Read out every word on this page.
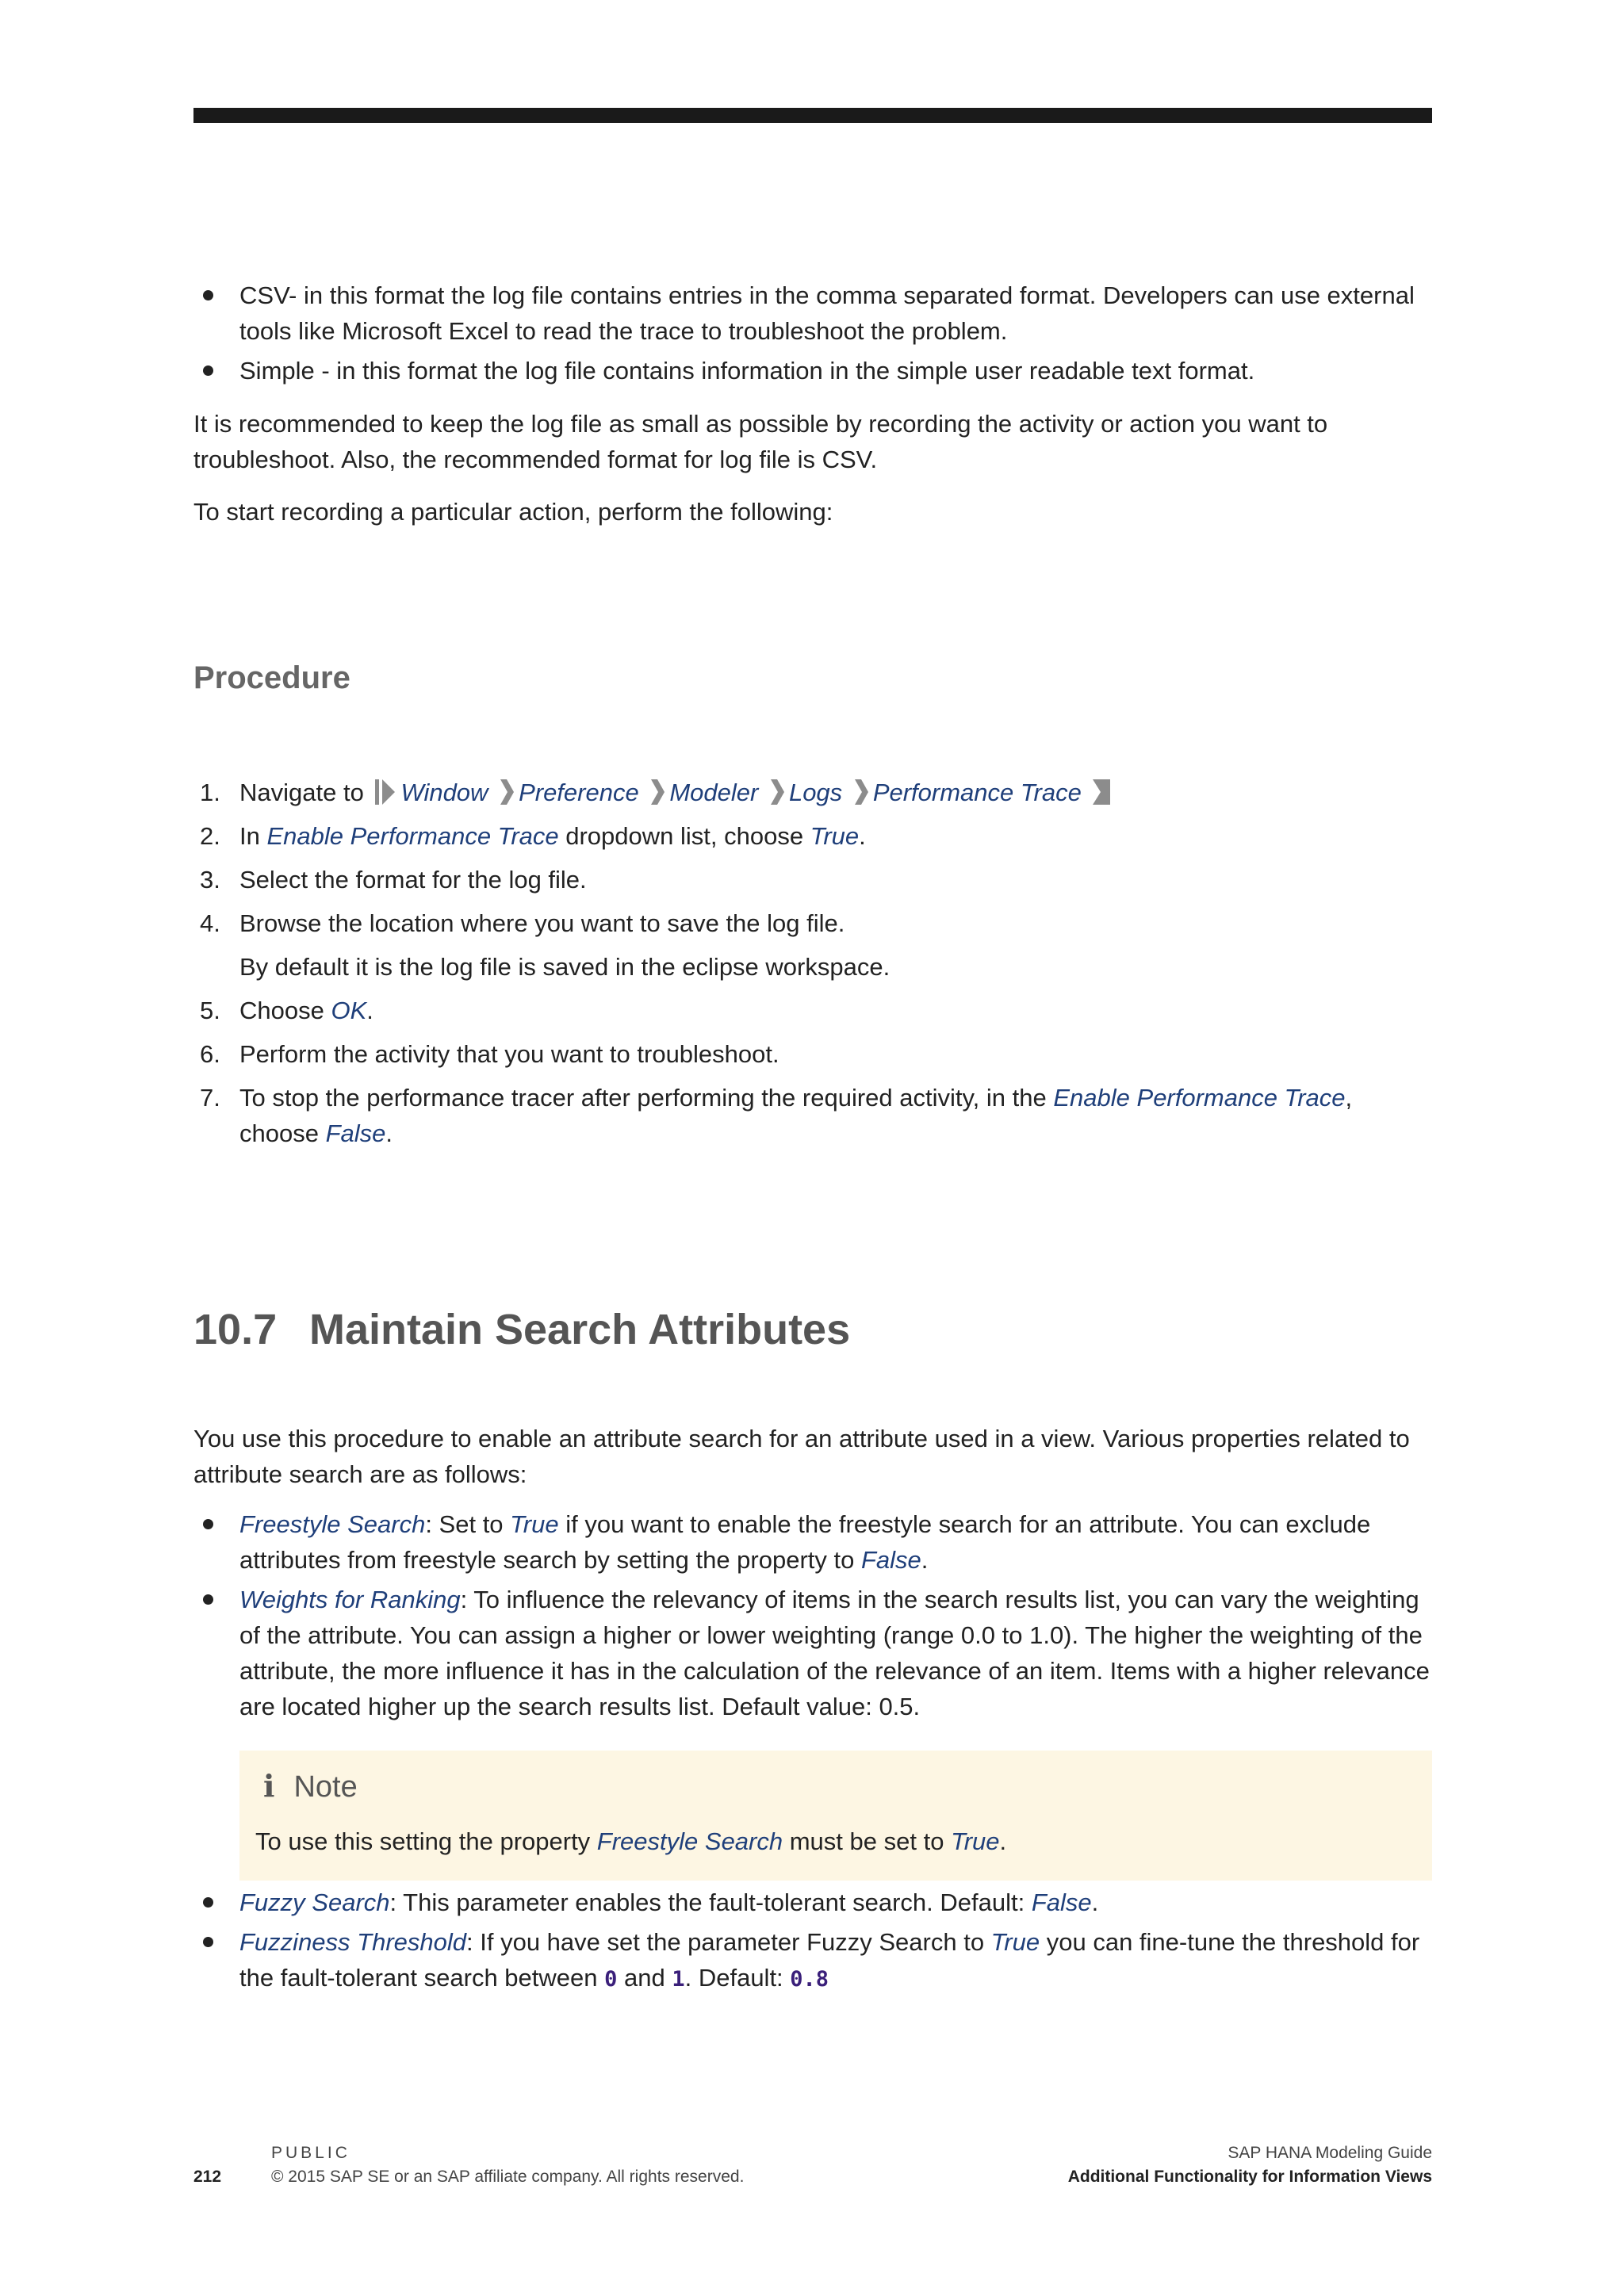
CSV- in this format the log file contains entries in the comma separated format. Developers can use external tools like Microsoft Excel to read the trace to troubleshoot the problem.
Simple - in this format the log file contains information in the simple user readable text format.

It is recommended to keep the log file as small as possible by recording the activity or action you want to troubleshoot. Also, the recommended format for log file is CSV.

To start recording a particular action, perform the following:

Procedure
1. Navigate to Window Preference Modeler Logs Performance Trace
2. In Enable Performance Trace dropdown list, choose True.
3. Select the format for the log file.
4. Browse the location where you want to save the log file.
By default it is the log file is saved in the eclipse workspace.
5. Choose OK.
6. Perform the activity that you want to troubleshoot.
7. To stop the performance tracer after performing the required activity, in the Enable Performance Trace, choose False.
10.7 Maintain Search Attributes

You use this procedure to enable an attribute search for an attribute used in a view. Various properties related to attribute search are as follows:

Freestyle Search: Set to True if you want to enable the freestyle search for an attribute. You can exclude attributes from freestyle search by setting the property to False.
Weights for Ranking: To influence the relevancy of items in the search results list, you can vary the weighting of the attribute. You can assign a higher or lower weighting (range 0.0 to 1.0). The higher the weighting of the attribute, the more influence it has in the calculation of the relevance of an item. Items with a higher relevance are located higher up the search results list. Default value: 0.5.
i Note
To use this setting the property Freestyle Search must be set to True.
Fuzzy Search: This parameter enables the fault-tolerant search. Default: False.
Fuzziness Threshold: If you have set the parameter Fuzzy Search to True you can fine-tune the threshold for the fault-tolerant search between 0 and 1. Default: 0.8
PUBLIC
212	© 2015 SAP SE or an SAP affiliate company. All rights reserved.
SAP HANA Modeling Guide
Additional Functionality for Information Views
